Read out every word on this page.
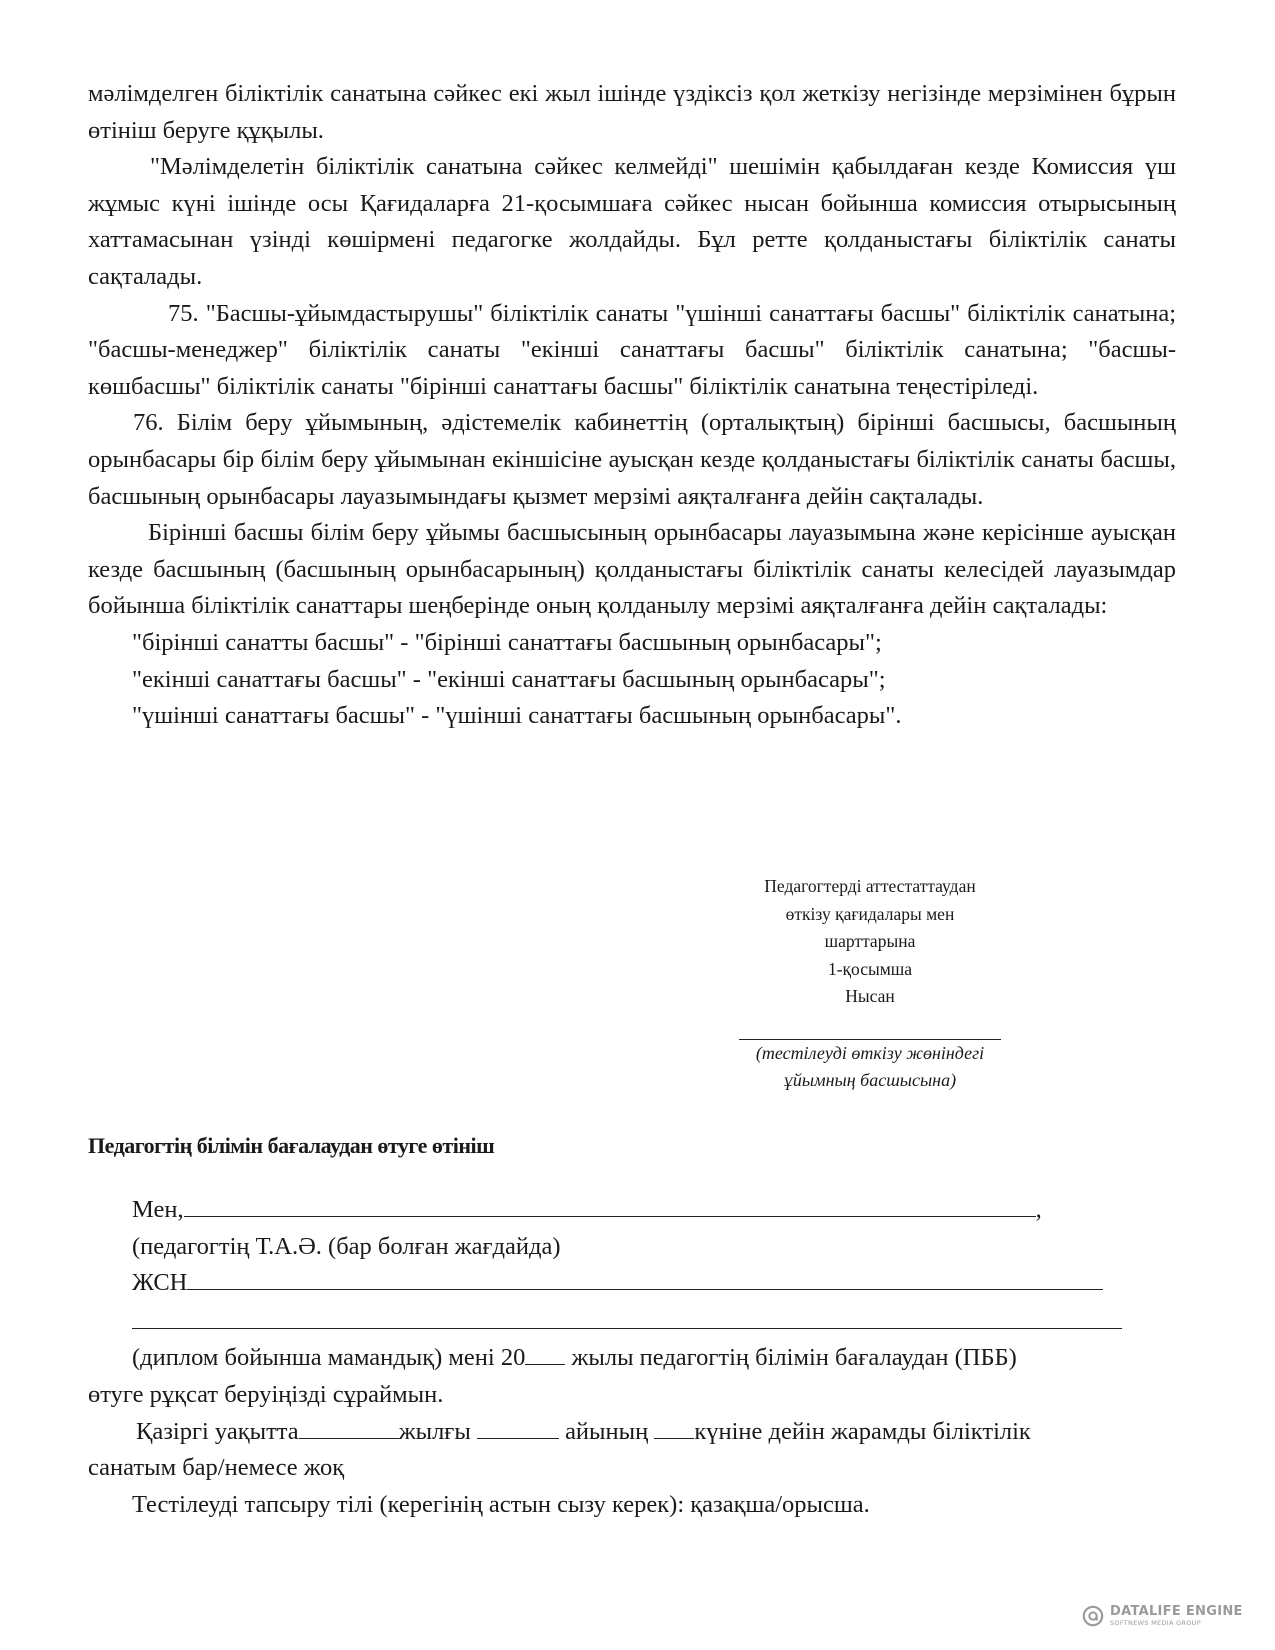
мәлімделген біліктілік санатына сәйкес екі жыл ішінде үздіксіз қол жеткізу негізінде мерзімінен бұрын өтініш беруге құқылы.

"Мәлімделетін біліктілік санатына сәйкес келмейді" шешімін қабылдаған кезде Комиссия үш жұмыс күні ішінде осы Қағидаларға 21-қосымшаға сәйкес нысан бойынша комиссия отырысының хаттамасынан үзінді көшірмені педагогке жолдайды. Бұл ретте қолданыстағы біліктілік санаты сақталады.

75. "Басшы-ұйымдастырушы" біліктілік санаты "үшінші санаттағы басшы" біліктілік санатына; "басшы-менеджер" біліктілік санаты "екінші санаттағы басшы" біліктілік санатына; "басшы-көшбасшы" біліктілік санаты "бірінші санаттағы басшы" біліктілік санатына теңестіріледі.

76. Білім беру ұйымының, әдістемелік кабинеттің (орталықтың) бірінші басшысы, басшының орынбасары бір білім беру ұйымынан екіншісіне ауысқан кезде қолданыстағы біліктілік санаты басшы, басшының орынбасары лауазымындағы қызмет мерзімі аяқталғанға дейін сақталады.

Бірінші басшы білім беру ұйымы басшысының орынбасары лауазымына және керісінше ауысқан кезде басшының (басшының орынбасарының) қолданыстағы біліктілік санаты келесідей лауазымдар бойынша біліктілік санаттары шеңберінде оның қолданылу мерзімі аяқталғанға дейін сақталады:

"бірінші санатты басшы" - "бірінші санаттағы басшының орынбасары";

"екінші санаттағы басшы" - "екінші санаттағы басшының орынбасары";

"үшінші санаттағы басшы" - "үшінші санаттағы басшының орынбасары".

Педагогтерді аттестаттаудан
өткізу қағидалары мен
шарттарына
1-қосымша
Нысан
(тестілеуді өткізу жөніндегі
ұйымның басшысына)
Педагогтің білімін бағалаудан өтуге өтініш
Мен,	,
(педагогтің Т.А.Ә. (бар болған жағдайда)
ЖСН
(диплом бойынша мамандық) мені 20 жылы педагогтің білімін бағалаудан (ПББ)
өтуге рұқсат беруіңізді сұраймын.
Қазіргі уақытта	жылғы	айының күніне дейін жарамды біліктілік
санатым бар/немесе жоқ
Тестілеуді тапсыру тілі (керегінің астын сызу керек): қазақша/орысша.
DATALIFE ENGINE
SOFTNEWS MEDIA GROUP
